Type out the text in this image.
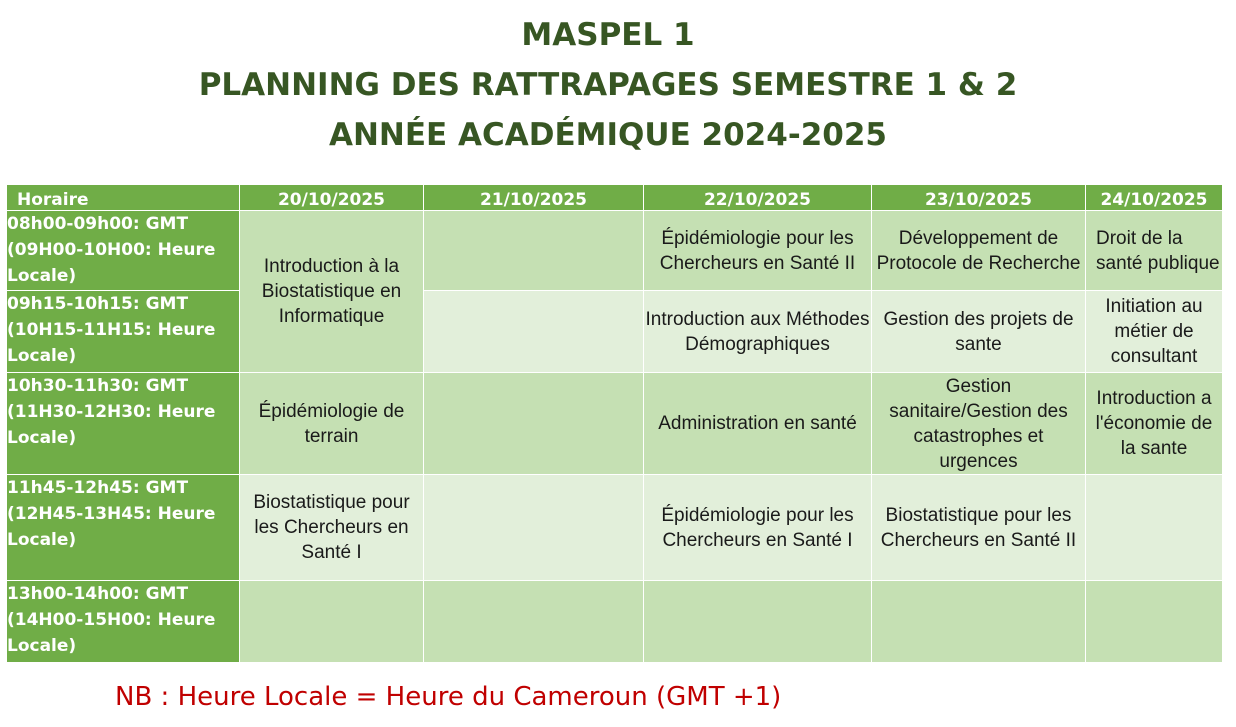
MASPEL 1
PLANNING DES RATTRAPAGES SEMESTRE 1 & 2
ANNÉE ACADÉMIQUE 2024-2025
Horaire	20/10/2025	21/10/2025	22/10/2025	23/10/2025	24/10/2025
08h00-09h00: GMT (09H00-10H00: Heure Locale)	Introduction à la Biostatistique en Informatique		Épidémiologie pour les Chercheurs en Santé II	Développement de Protocole de Recherche	Droit de la santé publique
09h15-10h15: GMT (10H15-11H15: Heure Locale)			Introduction aux Méthodes Démographiques	Gestion des projets de sante	Initiation au métier de consultant
10h30-11h30: GMT (11H30-12H30: Heure Locale)	Épidémiologie de terrain		Administration en santé	Gestion sanitaire/Gestion des catastrophes et urgences	Introduction a l'économie de la sante
11h45-12h45: GMT (12H45-13H45: Heure Locale)	Biostatistique pour les Chercheurs en Santé I		Épidémiologie pour les Chercheurs en Santé I	Biostatistique pour les Chercheurs en Santé II	
13h00-14h00: GMT (14H00-15H00: Heure Locale)					
NB : Heure Locale = Heure du Cameroun (GMT +1)
